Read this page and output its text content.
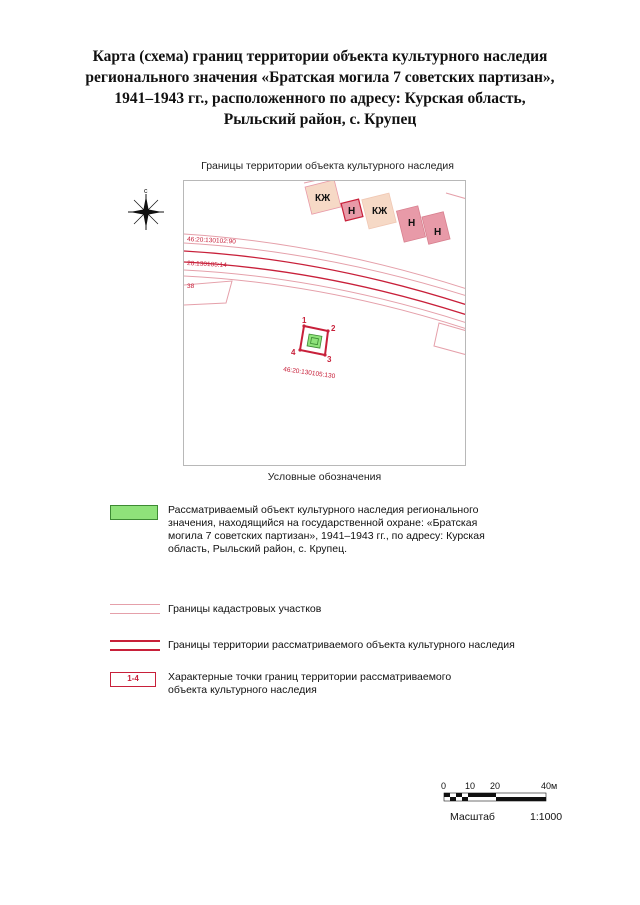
Карта (схема) границ территории объекта культурного наследия
регионального значения «Братская могила 7 советских партизан»,
1941–1943 гг., расположенного по адресу: Курская область,
Рыльский район, с. Крупец
Границы территории объекта культурного наследия
с
КЖ
Н КЖ
Н
Н
46:20:130102:90
20:130105:14
38
1
2
3
4
46:20:130105:130
Условные обозначения
Рассматриваемый объект культурного наследия регионального значения, находящийся на государственной охране: «Братская могила 7 советских партизан», 1941–1943 гг., по адресу: Курская область, Рыльский район, с. Крупец.
Границы кадастровых участков
Границы территории рассматриваемого объекта культурного наследия
1-4	Характерные точки границ территории рассматриваемого объекта культурного наследия
0 10 20	40м
Масштаб	1:1000
